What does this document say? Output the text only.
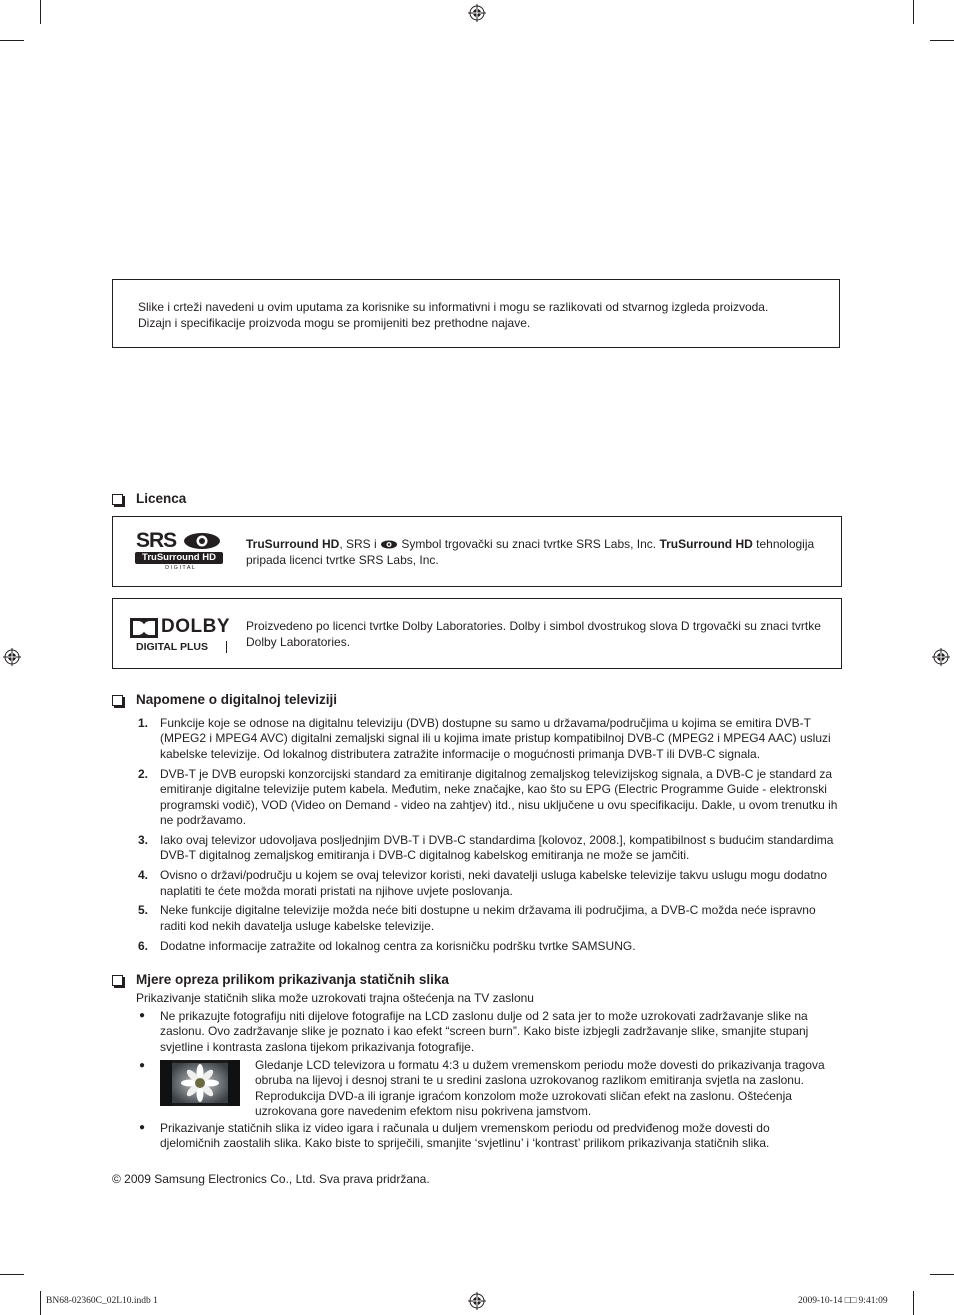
Slike i crteži navedeni u ovim uputama za korisnike su informativni i mogu se razlikovati od stvarnog izgleda proizvoda.
Dizajn i specifikacije proizvoda mogu se promijeniti bez prethodne najave.
Licenca
SRS
TruSurround HD
D I G I T A L
TruSurround HD, SRS i Symbol trgovački su znaci tvrtke SRS Labs, Inc. TruSurround HD tehnologija pripada licenci tvrtke SRS Labs, Inc.
DOLBY
DIGITAL PLUS
Proizvedeno po licenci tvrtke Dolby Laboratories. Dolby i simbol dvostrukog slova D trgovački su znaci tvrtke Dolby Laboratories.
Napomene o digitalnoj televiziji
1. Funkcije koje se odnose na digitalnu televiziju (DVB) dostupne su samo u državama/područjima u kojima se emitira DVB-T (MPEG2 i MPEG4 AVC) digitalni zemaljski signal ili u kojima imate pristup kompatibilnoj DVB-C (MPEG2 i MPEG4 AAC) usluzi kabelske televizije. Od lokalnog distributera zatražite informacije o mogućnosti primanja DVB-T ili DVB-C signala.
2. DVB-T je DVB europski konzorcijski standard za emitiranje digitalnog zemaljskog televizijskog signala, a DVB-C je standard za emitiranje digitalne televizije putem kabela. Međutim, neke značajke, kao što su EPG (Electric Programme Guide - elektronski programski vodič), VOD (Video on Demand - video na zahtjev) itd., nisu uključene u ovu specifikaciju. Dakle, u ovom trenutku ih ne podržavamo.
3. Iako ovaj televizor udovoljava posljednjim DVB-T i DVB-C standardima [kolovoz, 2008.], kompatibilnost s budućim standardima DVB-T digitalnog zemaljskog emitiranja i DVB-C digitalnog kabelskog emitiranja ne može se jamčiti.
4. Ovisno o državi/području u kojem se ovaj televizor koristi, neki davatelji usluga kabelske televizije takvu uslugu mogu dodatno naplatiti te ćete možda morati pristati na njihove uvjete poslovanja.
5. Neke funkcije digitalne televizije možda neće biti dostupne u nekim državama ili područjima, a DVB-C možda neće ispravno raditi kod nekih davatelja usluge kabelske televizije.
6. Dodatne informacije zatražite od lokalnog centra za korisničku podršku tvrtke SAMSUNG.
Mjere opreza prilikom prikazivanja statičnih slika
Prikazivanje statičnih slika može uzrokovati trajna oštećenja na TV zaslonu
● Ne prikazujte fotografiju niti dijelove fotografije na LCD zaslonu dulje od 2 sata jer to može uzrokovati zadržavanje slike na zaslonu. Ovo zadržavanje slike je poznato i kao efekt “screen burn”. Kako biste izbjegli zadržavanje slike, smanjite stupanj svjetline i kontrasta zaslona tijekom prikazivanja fotografije.
●	Gledanje LCD televizora u formatu 4:3 u dužem vremenskom periodu može dovesti do prikazivanja tragova obruba na lijevoj i desnoj strani te u sredini zaslona uzrokovanog razlikom emitiranja svjetla na zaslonu. Reprodukcija DVD-a ili igranje igraćom konzolom može uzrokovati sličan efekt na zaslonu. Oštećenja uzrokovana gore navedenim efektom nisu pokrivena jamstvom.
● Prikazivanje statičnih slika iz video igara i računala u duljem vremenskom periodu od predviđenog može dovesti do djelomičnih zaostalih slika. Kako biste to spriječili, smanjite ‘svjetlinu’ i ‘kontrast’ prilikom prikazivanja statičnih slika.
© 2009 Samsung Electronics Co., Ltd. Sva prava pridržana.
BN68-02360C_02L10.indb 1	2009-10-14 □□ 9:41:09
